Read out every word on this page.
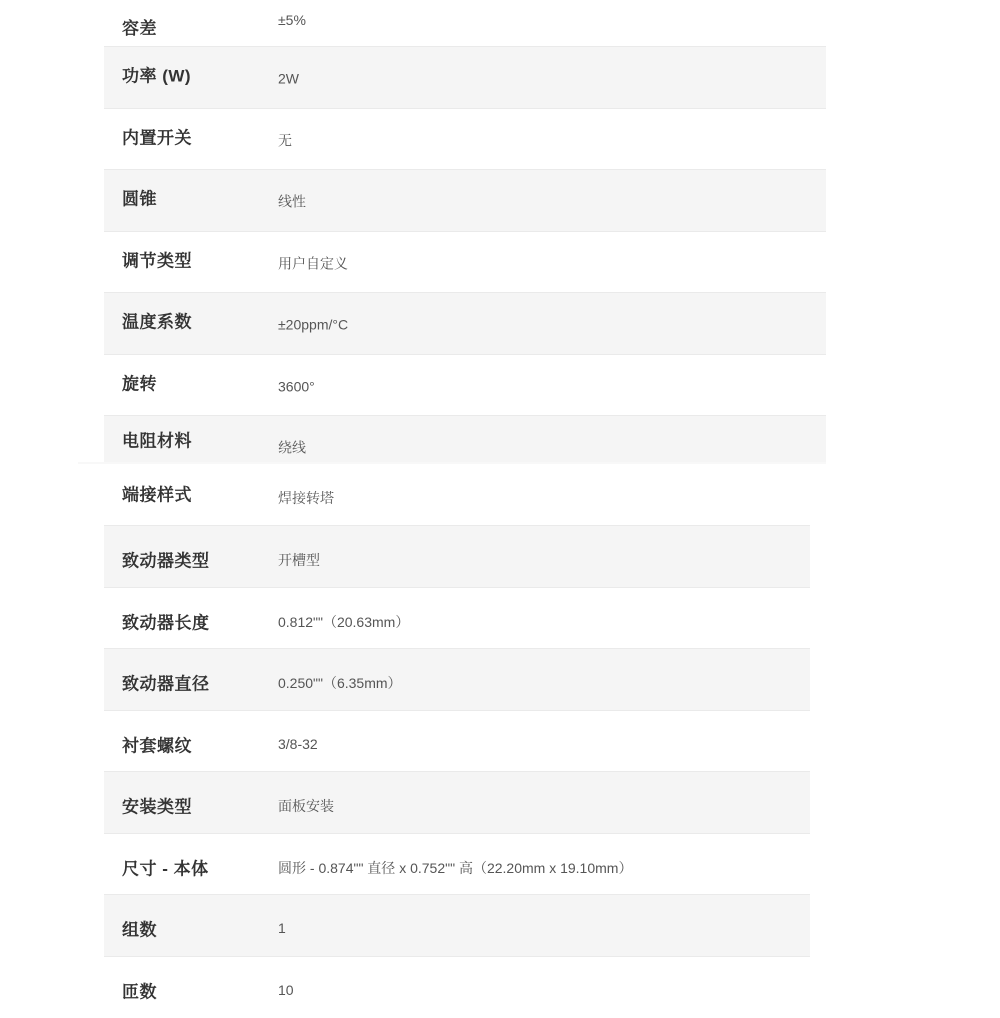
容差	±5%
功率 (W)	2W
内置开关	无
圆锥	线性
调节类型	用户自定义
温度系数	±20ppm/°C
旋转	3600°
电阻材料	绕线
端接样式	焊接转塔
致动器类型	开槽型
致动器长度	0.812""（20.63mm）
致动器直径	0.250""（6.35mm）
衬套螺纹	3/8-32
安装类型	面板安装
尺寸 - 本体	圆形 - 0.874"" 直径 x 0.752"" 高（22.20mm x 19.10mm）
组数	1
匝数	10
